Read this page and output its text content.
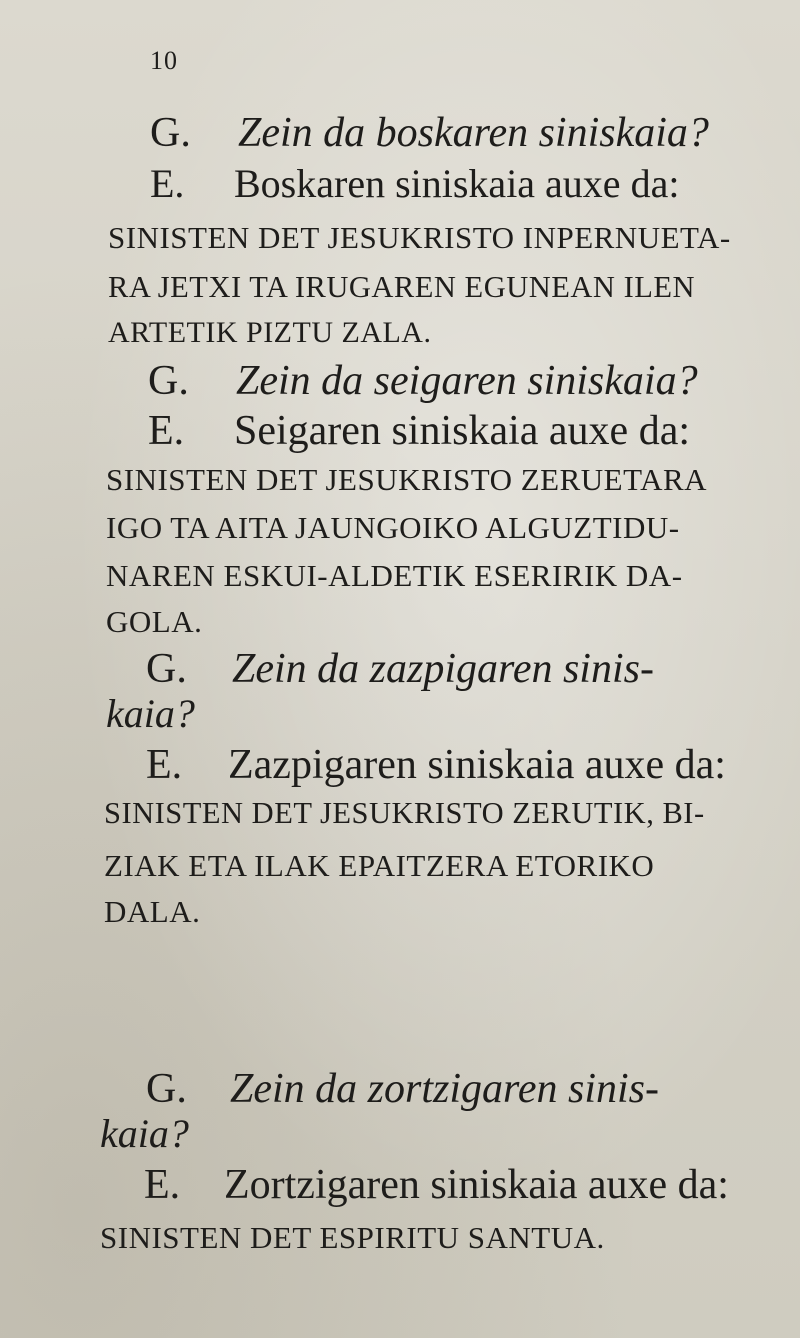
10
G. Zein da boskaren siniskaia?
E. Boskaren siniskaia auxe da:
SINISTEN DET JESUKRISTO INPERNUETA-
RA JETXI TA IRUGAREN EGUNEAN ILEN
ARTETIK PIZTU ZALA.
G. Zein da seigaren siniskaia?
E. Seigaren siniskaia auxe da:
SINISTEN DET JESUKRISTO ZERUETARA
IGO TA AITA JAUNGOIKO ALGUZTIDU-
NAREN ESKUI-ALDETIK ESERIRIK DA-
GOLA.
G. Zein da zazpigaren sinis-
kaia?
E. Zazpigaren siniskaia auxe da:
SINISTEN DET JESUKRISTO ZERUTIK, BI-
ZIAK ETA ILAK EPAITZERA ETORIKO
DALA.
G. Zein da zortzigaren sinis-
kaia?
E. Zortzigaren siniskaia auxe da:
SINISTEN DET ESPIRITU SANTUA.
